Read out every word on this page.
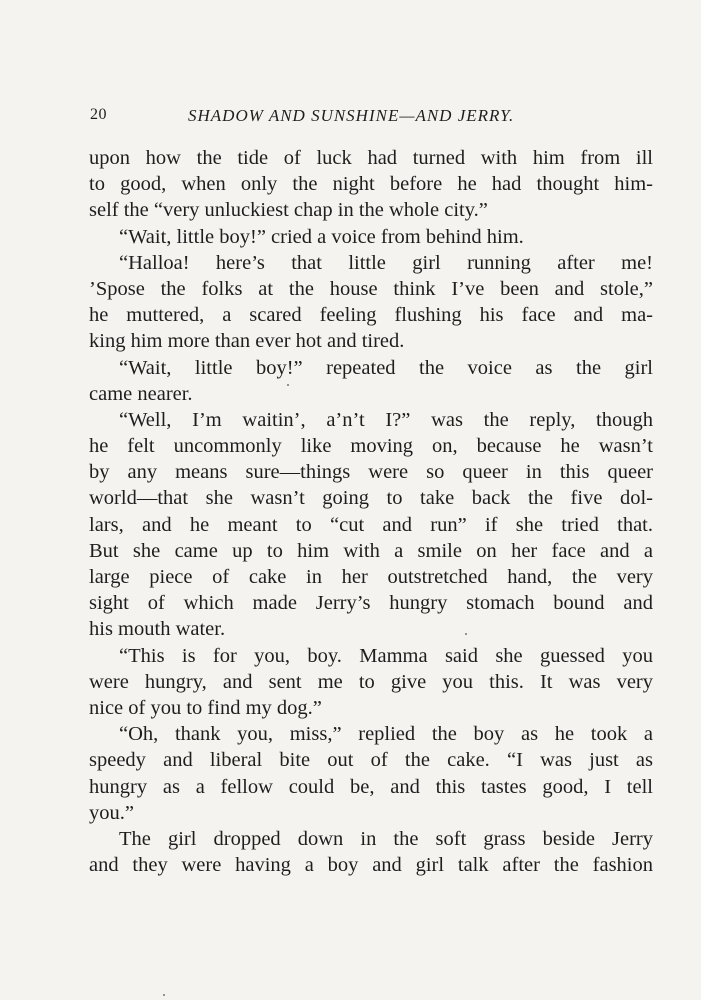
20	SHADOW AND SUNSHINE—AND JERRY.
upon how the tide of luck had turned with him from ill
to good, when only the night before he had thought him-
self the “very unluckiest chap in the whole city.”
“Wait, little boy!” cried a voice from behind him.
“Halloa! here’s that little girl running after me!
’Spose the folks at the house think I’ve been and stole,”
he muttered, a scared feeling flushing his face and ma-
king him more than ever hot and tired.
“Wait, little boy!” repeated the voice as the girl
came nearer.
“Well, I’m waitin’, a’n’t I?” was the reply, though
he felt uncommonly like moving on, because he wasn’t
by any means sure—things were so queer in this queer
world—that she wasn’t going to take back the five dol-
lars, and he meant to “cut and run” if she tried that.
But she came up to him with a smile on her face and a
large piece of cake in her outstretched hand, the very
sight of which made Jerry’s hungry stomach bound and
his mouth water.
“This is for you, boy. Mamma said she guessed you
were hungry, and sent me to give you this. It was very
nice of you to find my dog.”
“Oh, thank you, miss,” replied the boy as he took a
speedy and liberal bite out of the cake. “I was just as
hungry as a fellow could be, and this tastes good, I tell
you.”
The girl dropped down in the soft grass beside Jerry
and they were having a boy and girl talk after the fashion
